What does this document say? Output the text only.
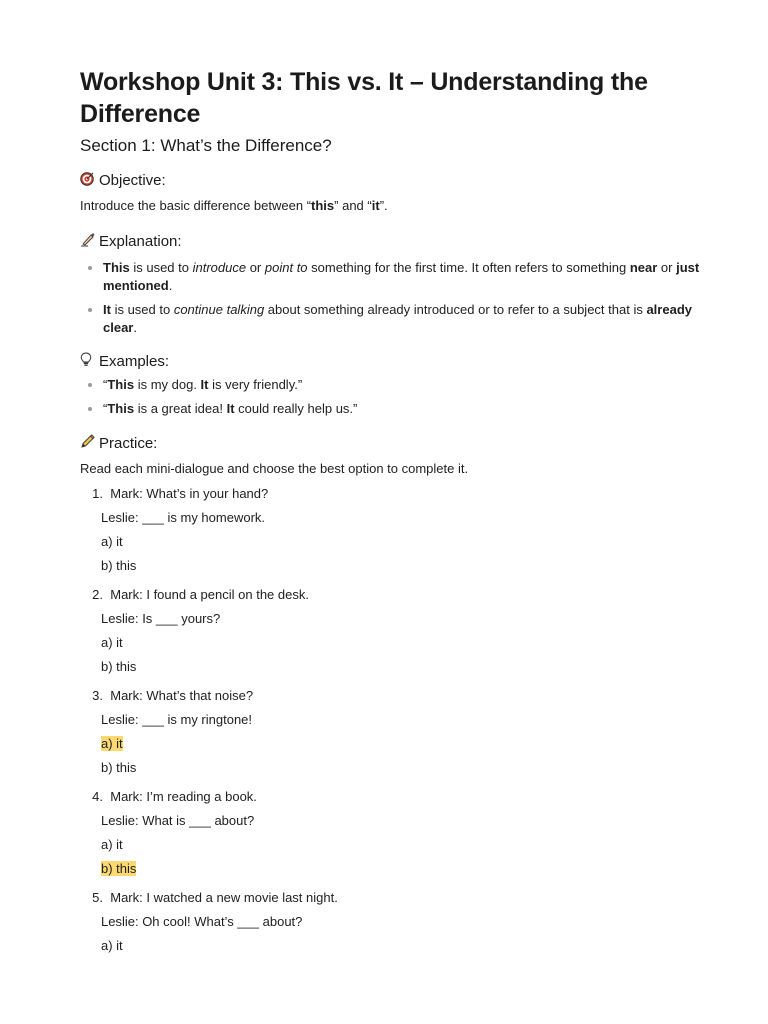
Workshop Unit 3: This vs. It – Understanding the Difference
Section 1: What’s the Difference?
Objective:

Introduce the basic difference between “this” and “it”.

Explanation:
This is used to introduce or point to something for the first time. It often refers to something near or just mentioned.
It is used to continue talking about something already introduced or to refer to a subject that is already clear.
Examples:
“This is my dog. It is very friendly.”
“This is a great idea! It could really help us.”
Practice:

Read each mini-dialogue and choose the best option to complete it.

1. Mark: What’s in your hand?
Leslie: ___ is my homework.
a) it
b) this
2. Mark: I found a pencil on the desk.
Leslie: Is ___ yours?
a) it
b) this
3. Mark: What’s that noise?
Leslie: ___ is my ringtone!
a) it
b) this
4. Mark: I’m reading a book.
Leslie: What is ___ about?
a) it
b) this
5. Mark: I watched a new movie last night.
Leslie: Oh cool! What’s ___ about?
a) it
